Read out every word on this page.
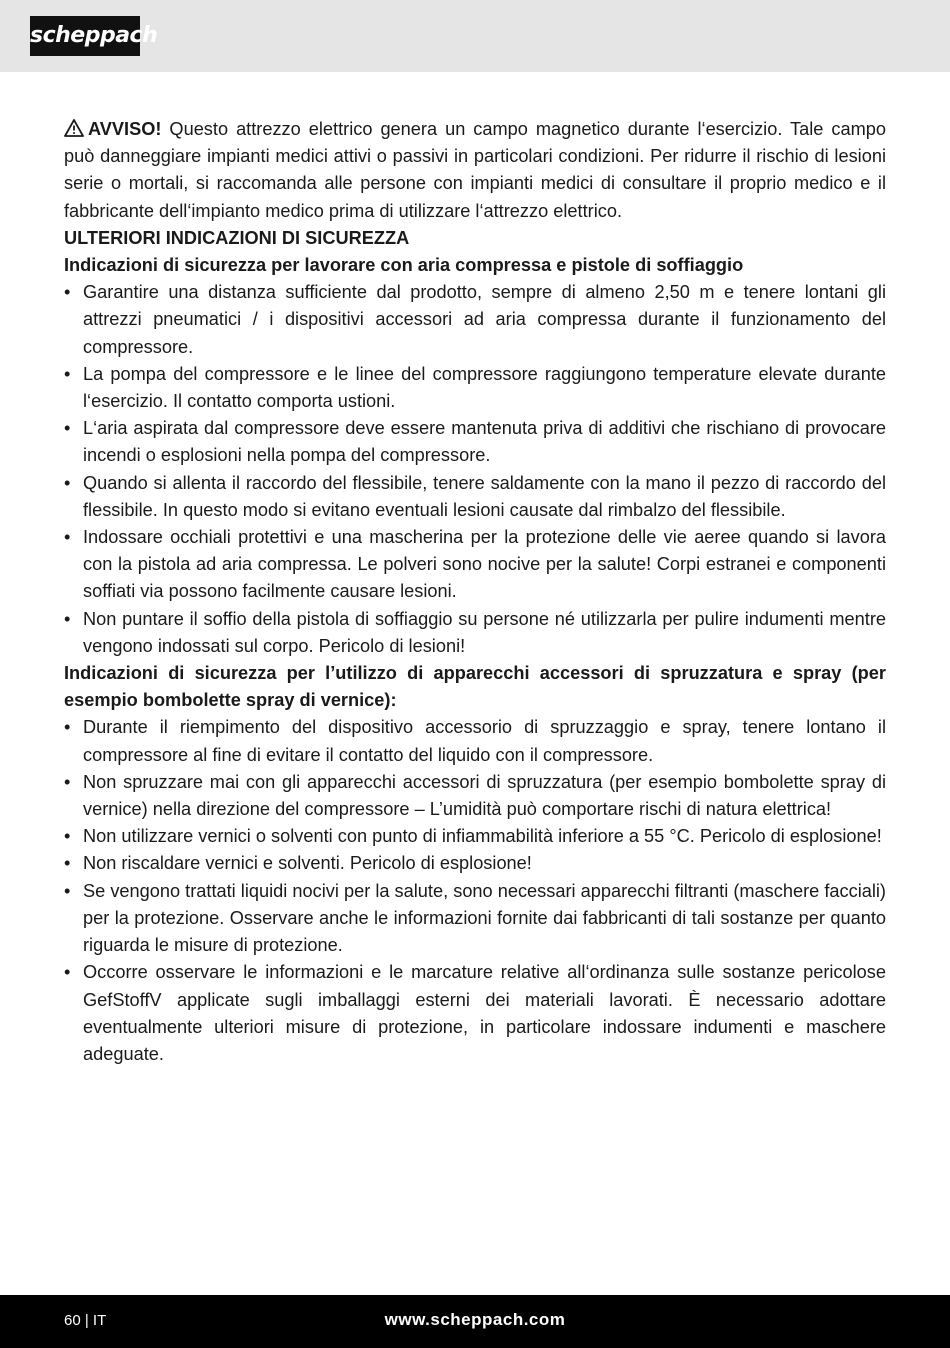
scheppach

AVVISO! Questo attrezzo elettrico genera un campo magnetico durante l‘esercizio. Tale campo può danneggiare impianti medici attivi o passivi in particolari condizioni. Per ridurre il rischio di lesioni serie o mortali, si raccomanda alle persone con impianti medici di consultare il proprio medico e il fabbricante dell‘impianto medico prima di utilizzare l‘attrezzo elettrico.

ULTERIORI INDICAZIONI DI SICUREZZA

Indicazioni di sicurezza per lavorare con aria compressa e pistole di soffiaggio

• Garantire una distanza sufficiente dal prodotto, sempre di almeno 2,50 m e tenere lontani gli attrezzi pneumatici / i dispositivi accessori ad aria compressa durante il funzionamento del compressore.
• La pompa del compressore e le linee del compressore raggiungono temperature elevate durante l‘esercizio. Il contatto comporta ustioni.
• L‘aria aspirata dal compressore deve essere mantenuta priva di additivi che rischiano di provocare incendi o esplosioni nella pompa del compressore.
• Quando si allenta il raccordo del flessibile, tenere saldamente con la mano il pezzo di raccordo del flessibile. In questo modo si evitano eventuali lesioni causate dal rimbalzo del flessibile.
• Indossare occhiali protettivi e una mascherina per la protezione delle vie aeree quando si lavora con la pistola ad aria compressa. Le polveri sono nocive per la salute! Corpi estranei e componenti soffiati via possono facilmente causare lesioni.
• Non puntare il soffio della pistola di soffiaggio su persone né utilizzarla per pulire indumenti mentre vengono indossati sul corpo. Pericolo di lesioni!

Indicazioni di sicurezza per l’utilizzo di apparecchi accessori di spruzzatura e spray (per esempio bombolette spray di vernice):

• Durante il riempimento del dispositivo accessorio di spruzzaggio e spray, tenere lontano il compressore al fine di evitare il contatto del liquido con il compressore.
• Non spruzzare mai con gli apparecchi accessori di spruzzatura (per esempio bombolette spray di vernice) nella direzione del compressore – L’umidità può comportare rischi di natura elettrica!
• Non utilizzare vernici o solventi con punto di infiammabilità inferiore a 55 °C. Pericolo di esplosione!
• Non riscaldare vernici e solventi. Pericolo di esplosione!
• Se vengono trattati liquidi nocivi per la salute, sono necessari apparecchi filtranti (maschere facciali) per la protezione. Osservare anche le informazioni fornite dai fabbricanti di tali sostanze per quanto riguarda le misure di protezione.
• Occorre osservare le informazioni e le marcature relative all‘ordinanza sulle sostanze pericolose GefStoffV applicate sugli imballaggi esterni dei materiali lavorati. È necessario adottare eventualmente ulteriori misure di protezione, in particolare indossare indumenti e maschere adeguate.
60 | IT	www.scheppach.com
